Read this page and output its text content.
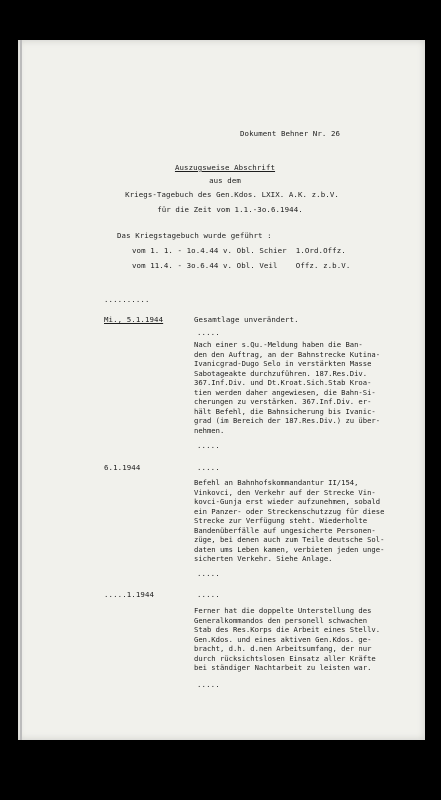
Dokument Behner Nr. 26
Auszugsweise Abschrift
aus dem
Kriegs-Tagebuch des Gen.Kdos. LXIX. A.K. z.b.V.
für die Zeit vom 1.1.-3o.6.1944.
Das Kriegstagebuch wurde geführt :
vom 1. 1. - 1o.4.44 v. Obl. Schier  1.Ord.Offz.
vom 11.4. - 3o.6.44 v. Obl. Veil    Offz. z.b.V.
..........
Mi., 5.1.1944	Gesamtlage unverändert.
.....
Nach einer s.Qu.-Meldung haben die Ban-
den den Auftrag, an der Bahnstrecke Kutina-
Ivanicgrad-Dugo Selo in verstärkten Masse
Sabotageakte durchzuführen. 187.Res.Div.
367.Inf.Div. und Dt.Kroat.Sich.Stab Kroa-
tien werden daher angewiesen, die Bahn-Si-
cherungen zu verstärken. 367.Inf.Div. er-
hält Befehl, die Bahnsicherung bis Ivanic-
grad (im Bereich der 187.Res.Div.) zu über-
nehmen.
.....
6.1.1944	.....
Befehl an Bahnhofskommandantur II/154,
Vinkovci, den Verkehr auf der Strecke Vin-
kovci-Gunja erst wieder aufzunehmen, sobald
ein Panzer- oder Streckenschutzzug für diese
Strecke zur Verfügung steht. Wiederholte
Bandenüberfälle auf ungesicherte Personen-
züge, bei denen auch zum Teile deutsche Sol-
daten ums Leben kamen, verbieten jeden unge-
sicherten Verkehr. Siehe Anlage.
.....
.....1.1944	.....
Ferner hat die doppelte Unterstellung des
Generalkommandos den personell schwachen
Stab des Res.Korps die Arbeit eines Stellv.
Gen.Kdos. und eines aktiven Gen.Kdos. ge-
bracht, d.h. d.nen Arbeitsumfang, der nur
durch rücksichtslosen Einsatz aller Kräfte
bei ständiger Nachtarbeit zu leisten war.
.....
